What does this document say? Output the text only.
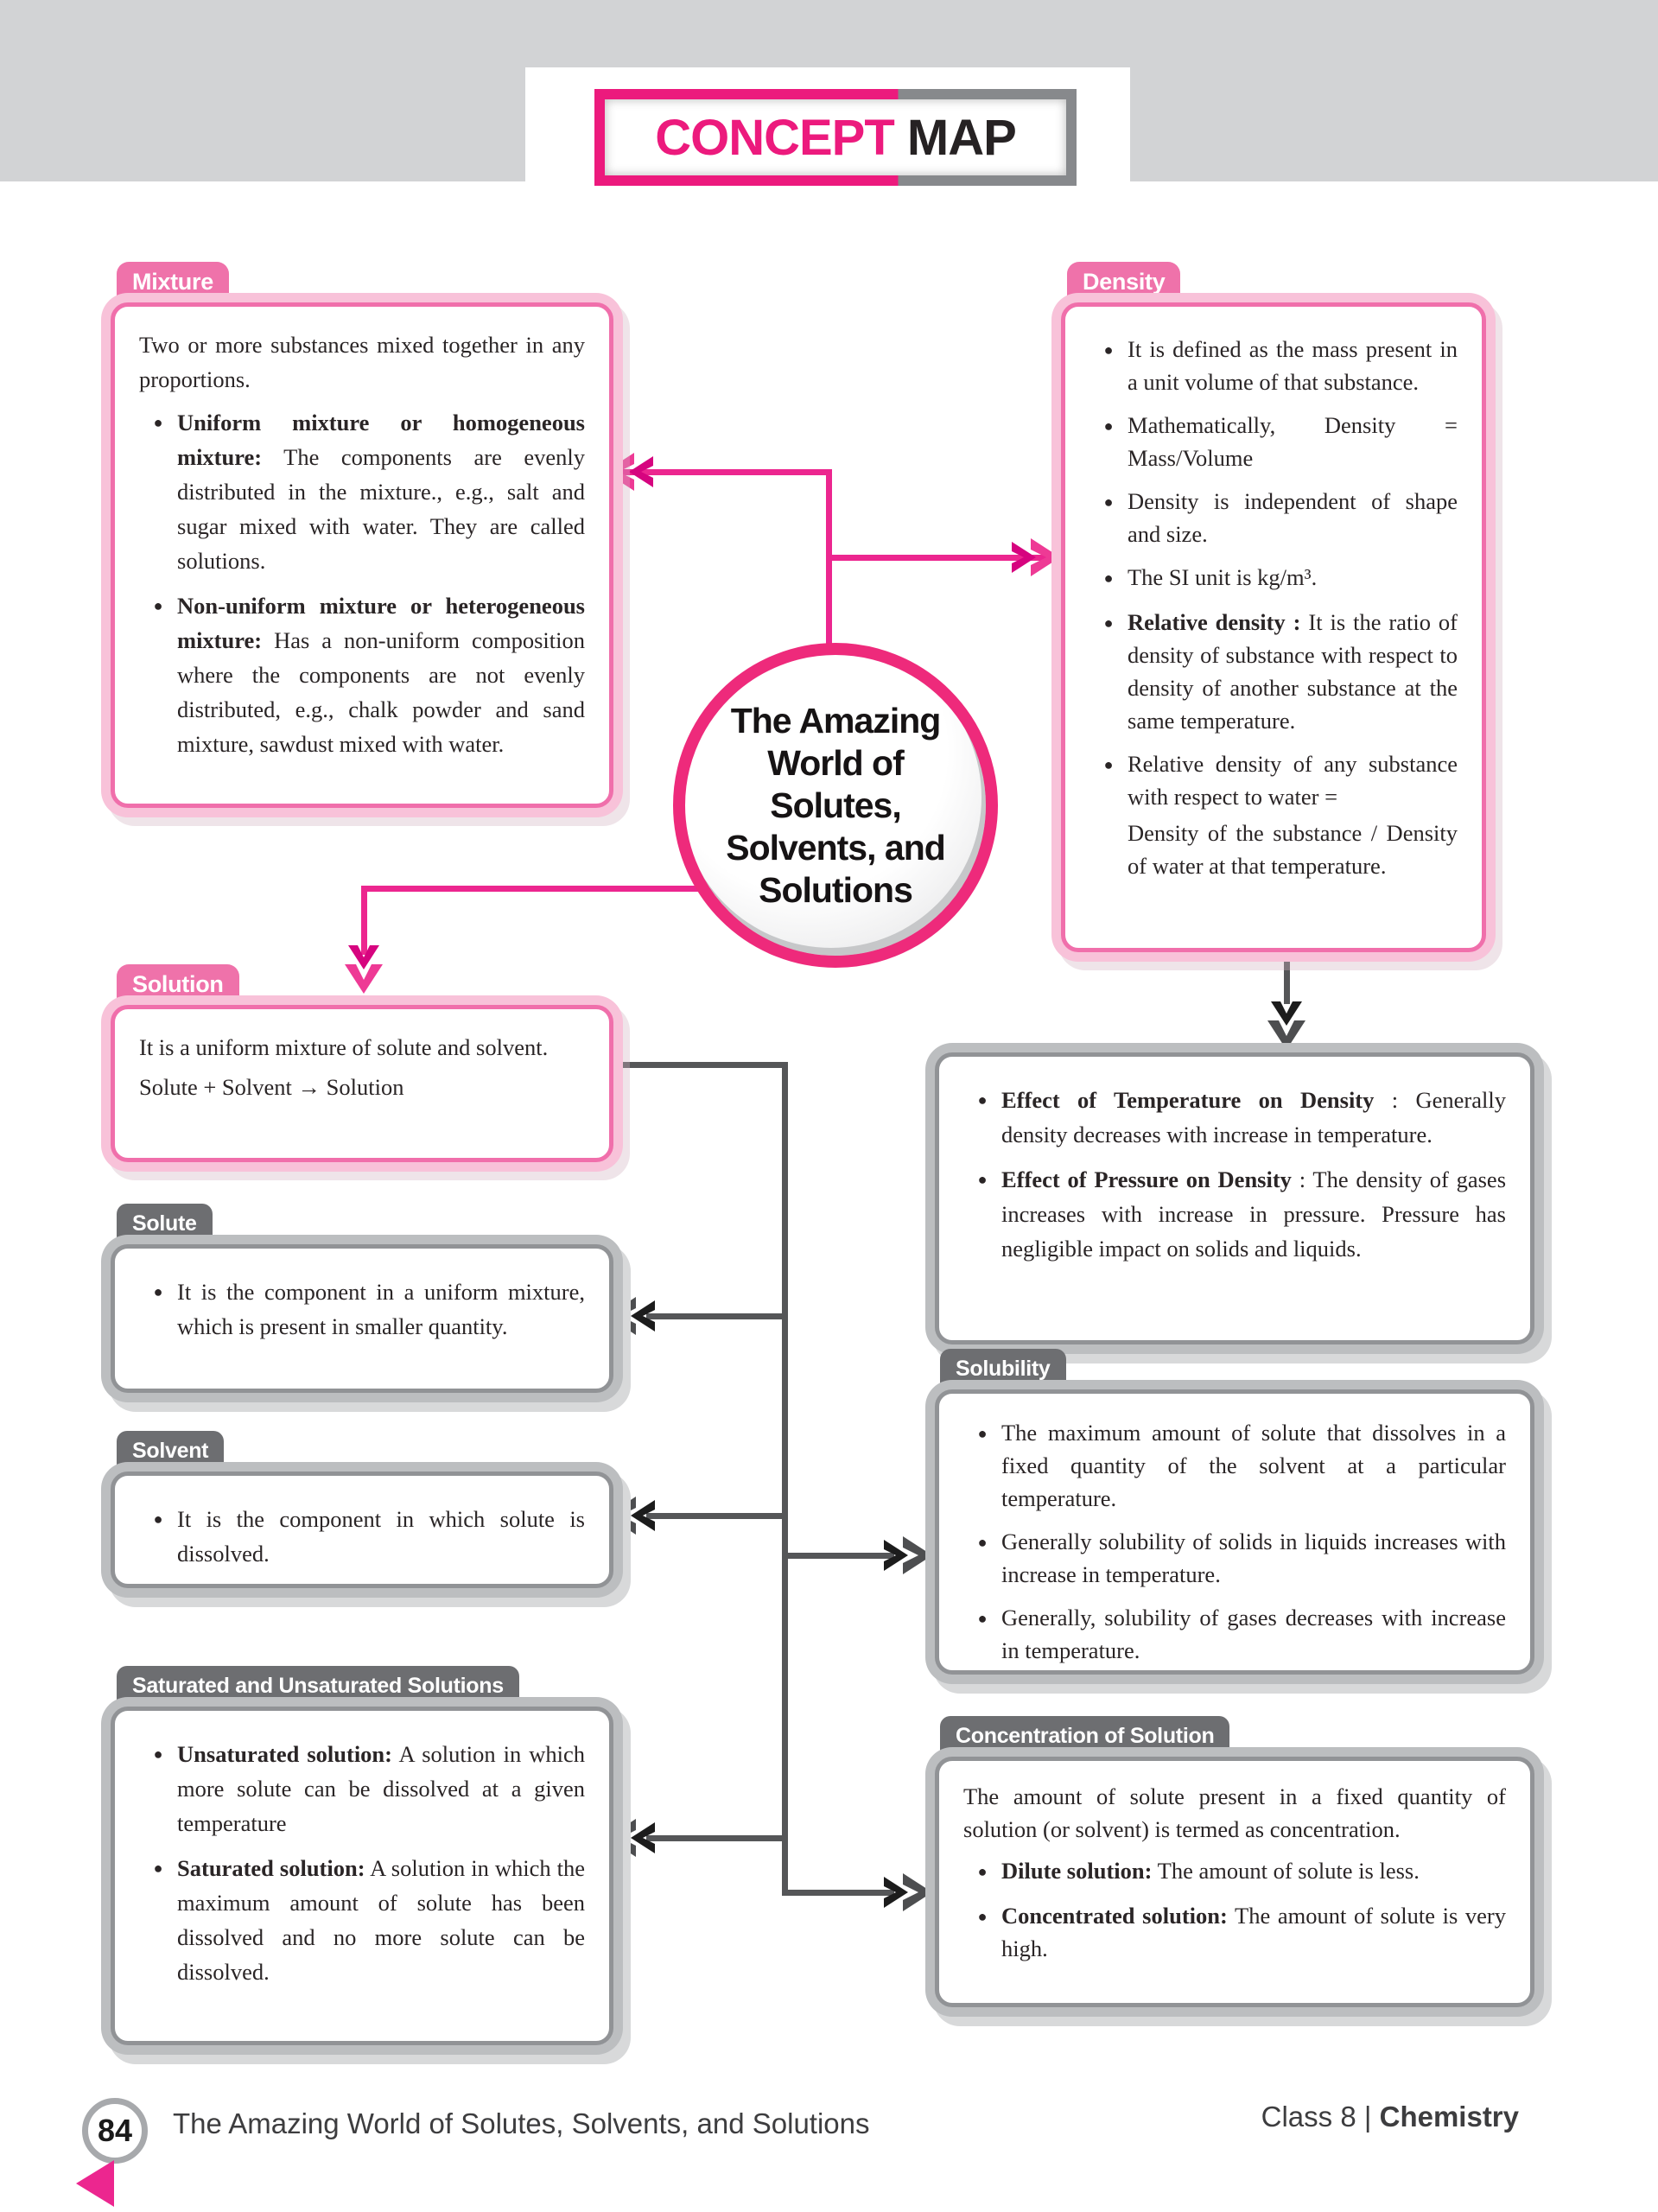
CONCEPT
MAP
The Amazing World of Solutes, Solvents, and Solutions
Mixture

Two or more substances mixed together in any proportions.

● Uniform mixture or homogeneous mixture: The components are evenly distributed in the mixture., e.g., salt and sugar mixed with water. They are called solutions.

● Non-uniform mixture or heterogeneous mixture: Has a non-uniform composition where the components are not evenly distributed, e.g., chalk powder and sand mixture, sawdust mixed with water.

Density
● It is defined as the mass present in a unit volume of that substance.

● Mathematically, Density = Mass/Volume

● Density is independent of shape and size.

● The SI unit is kg/m³.

● Relative density : It is the ratio of density of substance with respect to density of another substance at the same temperature.

● Relative density of any substance with respect to water =

Density of the substance / Density of water at that temperature.

Solution

It is a uniform mixture of solute and solvent.

Solute + Solvent → Solution

Solute
● It is the component in a uniform mixture, which is present in smaller quantity.

Solvent
● It is the component in which solute is dissolved.

Saturated and Unsaturated Solutions
● Unsaturated solution: A solution in which more solute can be dissolved at a given temperature

● Saturated solution: A solution in which the maximum amount of solute has been dissolved and no more solute can be dissolved.

● Effect of Temperature on Density : Generally density decreases with increase in temperature.

● Effect of Pressure on Density : The density of gases increases with increase in pressure. Pressure has negligible impact on solids and liquids.

Solubility
● The maximum amount of solute that dissolves in a fixed quantity of the solvent at a particular temperature.

● Generally solubility of solids in liquids increases with increase in temperature.

● Generally, solubility of gases decreases with increase in temperature.

Concentration of Solution

The amount of solute present in a fixed quantity of solution (or solvent) is termed as concentration.

● Dilute solution: The amount of solute is less.

● Concentrated solution: The amount of solute is very high.

84 The Amazing World of Solutes, Solvents, and Solutions	Class 8 | Chemistry
